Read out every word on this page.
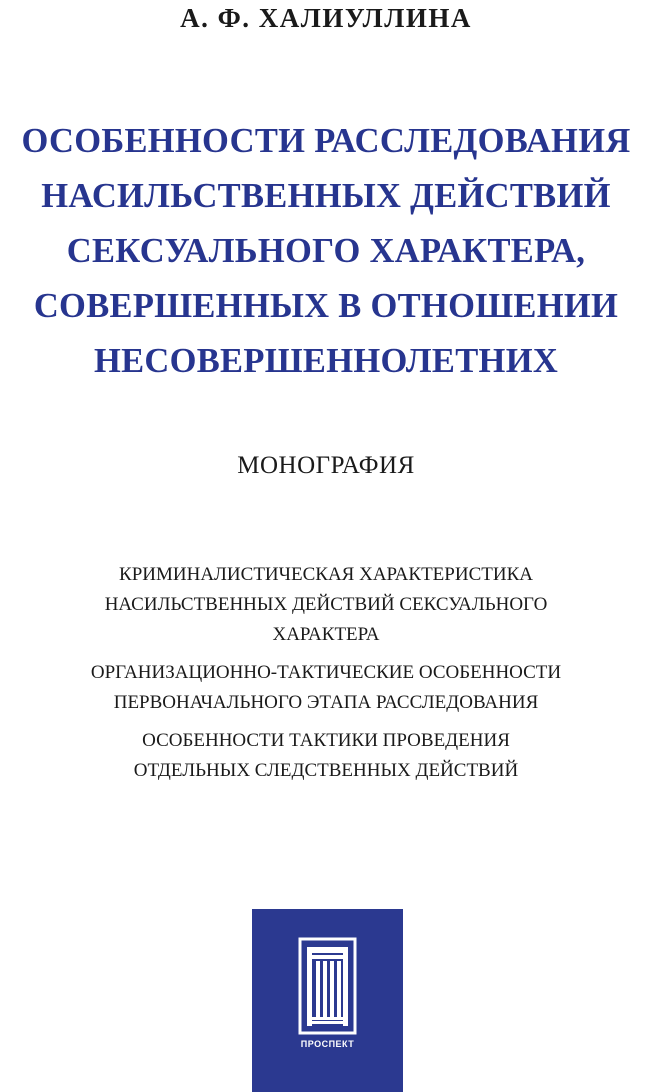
А. Ф. ХАЛИУЛЛИНА
ОСОБЕННОСТИ РАССЛЕДОВАНИЯ
НАСИЛЬСТВЕННЫХ ДЕЙСТВИЙ
СЕКСУАЛЬНОГО ХАРАКТЕРА,
СОВЕРШЕННЫХ В ОТНОШЕНИИ
НЕСОВЕРШЕННОЛЕТНИХ
МОНОГРАФИЯ
КРИМИНАЛИСТИЧЕСКАЯ ХАРАКТЕРИСТИКА
НАСИЛЬСТВЕННЫХ ДЕЙСТВИЙ СЕКСУАЛЬНОГО
ХАРАКТЕРА
ОРГАНИЗАЦИОННО-ТАКТИЧЕСКИЕ ОСОБЕННОСТИ
ПЕРВОНАЧАЛЬНОГО ЭТАПА РАССЛЕДОВАНИЯ
ОСОБЕННОСТИ ТАКТИКИ ПРОВЕДЕНИЯ
ОТДЕЛЬНЫХ СЛЕДСТВЕННЫХ ДЕЙСТВИЙ
ПРОСПЕКТ
